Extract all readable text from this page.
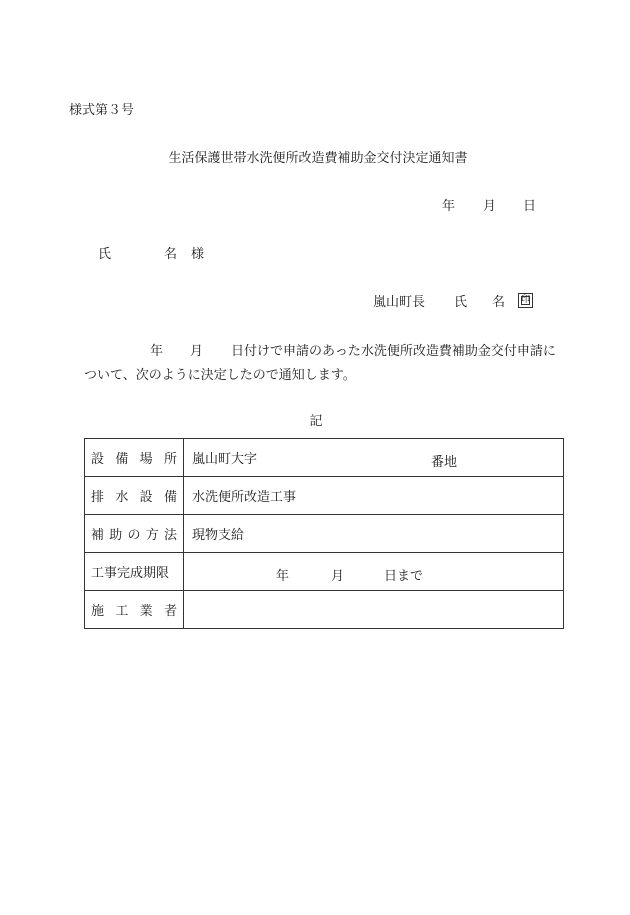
様式第３号
生活保護世帯水洗便所改造費補助金交付決定通知書
年 月 日
氏	名 様
嵐山町長 氏 名	印
年 月 日付けで申請のあった水洗便所改造費補助金交付申請に
ついて、次のように決定したので通知します。
記
設 備 場 所	嵐山町大字 番地

排 水 設 備	水洗便所改造工事

補 助 の 方 法	現物支給
工事完成期限	年 月 日まで

施 工 業 者	
